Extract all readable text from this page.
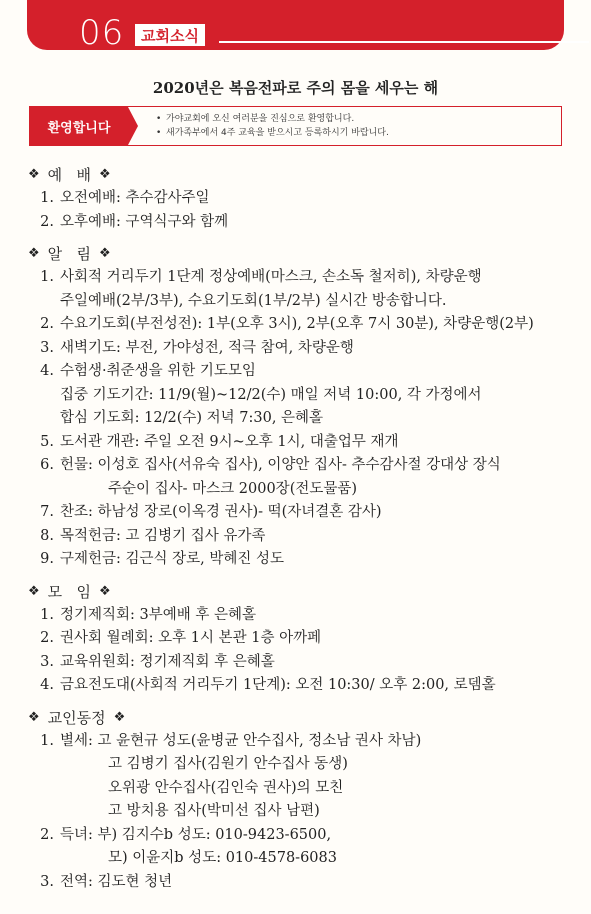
06 교회소식
2020년은 복음전파로 주의 몸을 세우는 해
환영합니다
• 가야교회에 오신 여러분을 진심으로 환영합니다.
• 새가족부에서 4주 교육을 받으시고 등록하시기 바랍니다.
❖ 예   배 ❖
1. 오전예배: 추수감사주일
2. 오후예배: 구역식구와 함께
❖ 알   림 ❖
1. 사회적 거리두기 1단계 정상예배(마스크, 손소독 철저히), 차량운행
주일예배(2부/3부), 수요기도회(1부/2부) 실시간 방송합니다.
2. 수요기도회(부전성전): 1부(오후 3시), 2부(오후 7시 30분), 차량운행(2부)
3. 새벽기도: 부전, 가야성전, 적극 참여, 차량운행
4. 수험생·취준생을 위한 기도모임
집중 기도기간: 11/9(월)~12/2(수) 매일 저녁 10:00, 각 가정에서
합심 기도회: 12/2(수) 저녁 7:30, 은혜홀
5. 도서관 개관: 주일 오전 9시~오후 1시, 대출업무 재개
6. 헌물: 이성호 집사(서유숙 집사), 이양안 집사- 추수감사절 강대상 장식
주순이 집사- 마스크 2000장(전도물품)
7. 찬조: 하남성 장로(이옥경 권사)- 떡(자녀결혼 감사)
8. 목적헌금: 고 김병기 집사 유가족
9. 구제헌금: 김근식 장로, 박혜진 성도
❖ 모   임 ❖
1. 정기제직회: 3부예배 후 은혜홀
2. 권사회 월례회: 오후 1시 본관 1층 아까페
3. 교육위원회: 정기제직회 후 은혜홀
4. 금요전도대(사회적 거리두기 1단계): 오전 10:30/ 오후 2:00, 로뎀홀
❖ 교인동정 ❖
1. 별세: 고 윤현규 성도(윤병균 안수집사, 정소남 권사 차남)
고 김병기 집사(김원기 안수집사 동생)
오위광 안수집사(김인숙 권사)의 모친
고 방치용 집사(박미선 집사 남편)
2. 득녀: 부) 김지수b 성도: 010-9423-6500,
모) 이윤지b 성도: 010-4578-6083
3. 전역: 김도현 청년
